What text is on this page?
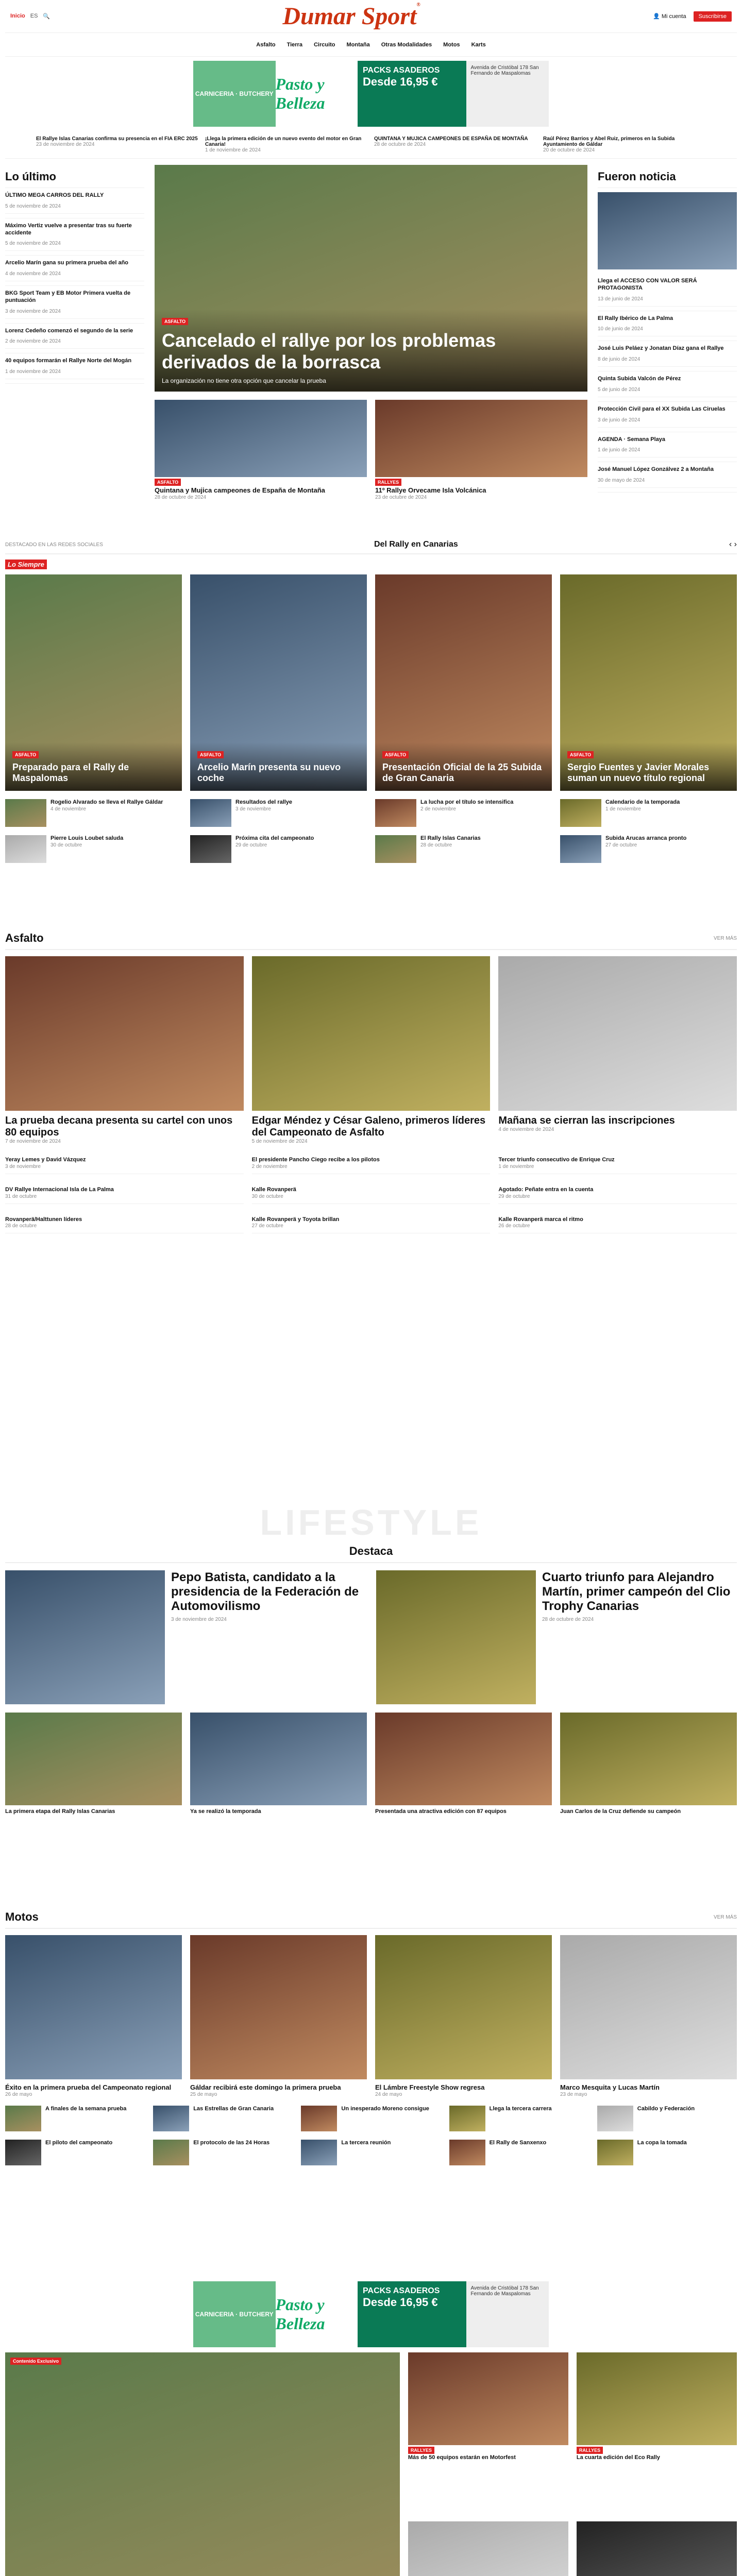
Inicio ES 🔍	Dumar Sport®
👤 Mi cuenta	Suscribirse
Asfalto Tierra Circuito Montaña Otras Modalidades Motos Karts
CARNICERIA · BUTCHERY
Pasto y Belleza
PACKS ASADEROS
Desde 16,95 €
Avenida de Cristóbal 178 San Fernando de Maspalomas
El Rallye Islas Canarias confirma su presencia en el FIA ERC 2025
23 de noviembre de 2024
¡Llega la primera edición de un nuevo evento del motor en Gran Canaria!
1 de noviembre de 2024
QUINTANA Y MUJICA CAMPEONES DE ESPAÑA DE MONTAÑA
28 de octubre de 2024
Raúl Pérez Barrios y Abel Ruiz, primeros en la Subida Ayuntamiento de Gáldar
20 de octubre de 2024
Lo último
ÚLTIMO MEGA CARROS DEL RALLY
5 de noviembre de 2024
Máximo Vertiz vuelve a presentar tras su fuerte accidente
5 de noviembre de 2024
Arcelio Marín gana su primera prueba del año
4 de noviembre de 2024
BKG Sport Team y EB Motor Primera vuelta de puntuación
3 de noviembre de 2024
Lorenz Cedeño comenzó el segundo de la serie
2 de noviembre de 2024
40 equipos formarán el Rallye Norte del Mogán
1 de noviembre de 2024
ASFALTO
Cancelado el rallye por los problemas derivados de la borrasca
La organización no tiene otra opción que cancelar la prueba
ASFALTO
Quintana y Mujica campeones de España de Montaña
28 de octubre de 2024
RALLYES
11º Rallye Orvecame Isla Volcánica
23 de octubre de 2024
Fueron noticia
Llega el ACCESO CON VALOR SERÁ PROTAGONISTA
13 de junio de 2024
El Rally Ibérico de La Palma
10 de junio de 2024
José Luis Peláez y Jonatan Díaz gana el Rallye
8 de junio de 2024
Quinta Subida Valcón de Pérez
5 de junio de 2024
Protección Civil para el XX Subida Las Ciruelas
3 de junio de 2024
AGENDA · Semana Playa
1 de junio de 2024
José Manuel López Gonzálvez 2 a Montaña
30 de mayo de 2024
DESTACADO EN LAS REDES SOCIALES	Del Rally en Canarias	‹ ›
Lo Siempre
ASFALTO
Preparado para el Rally de Maspalomas
ASFALTO
Arcelio Marín presenta su nuevo coche
ASFALTO
Presentación Oficial de la 25 Subida de Gran Canaria
ASFALTO
Sergio Fuentes y Javier Morales suman un nuevo título regional
Rogelio Alvarado se lleva el Rallye Gáldar
4 de noviembre
Resultados del rallye
3 de noviembre
La lucha por el título se intensifica
2 de noviembre
Calendario de la temporada
1 de noviembre
Pierre Louis Loubet saluda
30 de octubre
Próxima cita del campeonato
29 de octubre
El Rally Islas Canarias
28 de octubre
Subida Arucas arranca pronto
27 de octubre
Asfalto	VER MÁS
La prueba decana presenta su cartel con unos 80 equipos
7 de noviembre de 2024
Edgar Méndez y César Galeno, primeros líderes del Campeonato de Asfalto
5 de noviembre de 2024
Mañana se cierran las inscripciones
4 de noviembre de 2024
Yeray Lemes y David Vázquez
3 de noviembre
El presidente Pancho Ciego recibe a los pilotos
2 de noviembre
Tercer triunfo consecutivo de Enrique Cruz
1 de noviembre
DV Rallye Internacional Isla de La Palma
31 de octubre
Kalle Rovanperä
30 de octubre
Agotado: Peñate entra en la cuenta
29 de octubre
Rovanperä/Halttunen líderes
28 de octubre
Kalle Rovanperä y Toyota brillan
27 de octubre
Kalle Rovanperä marca el ritmo
26 de octubre
LIFESTYLE
Destaca
Pepo Batista, candidato a la presidencia de la Federación de Automovilismo
3 de noviembre de 2024
Cuarto triunfo para Alejandro Martín, primer campeón del Clio Trophy Canarias
28 de octubre de 2024
La primera etapa del Rally Islas Canarias	Ya se realizó la temporada	Presentada una atractiva edición con 87 equipos	Juan Carlos de la Cruz defiende su campeón
Motos	VER MÁS
Éxito en la primera prueba del Campeonato regional
26 de mayo
Gáldar recibirá este domingo la primera prueba
25 de mayo
El Lámbre Freestyle Show regresa
24 de mayo
Marco Mesquita y Lucas Martín
23 de mayo
A finales de la semana prueba	Las Estrellas de Gran Canaria	Un inesperado Moreno consigue	Llega la tercera carrera	Cabildo y Federación
El piloto del campeonato	El protocolo de las 24 Horas	La tercera reunión	El Rally de Sanxenxo	La copa la tomada
CARNICERIA · BUTCHERY
Pasto y Belleza
PACKS ASADEROS
Desde 16,95 €
Avenida de Cristóbal 178 San Fernando de Maspalomas
Contenido Exclusivo
RALLYES
Más de 50 equipos estarán en Motorfest
RALLYES
La cuarta edición del Eco Rally
